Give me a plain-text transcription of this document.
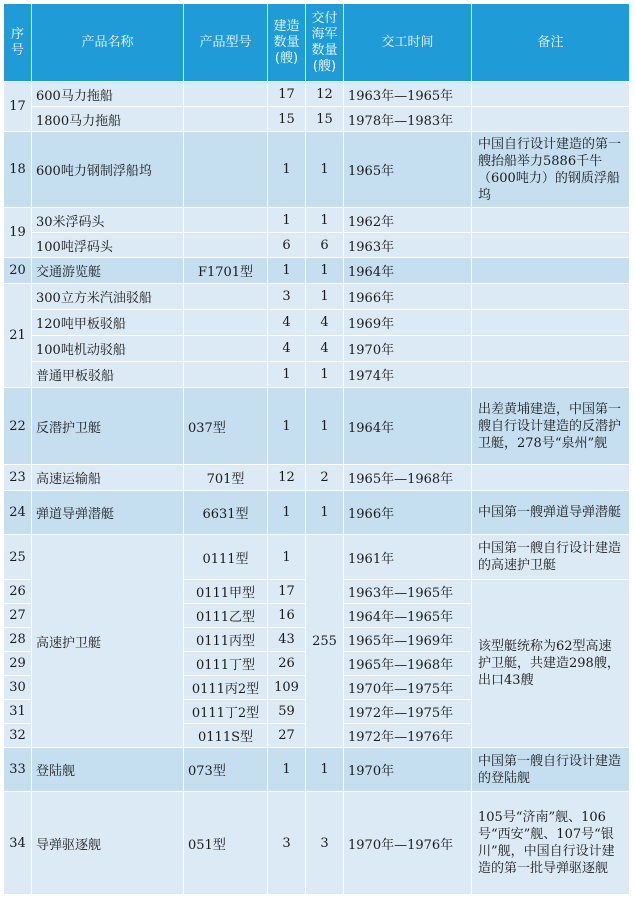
序号	产品名称	产品型号	建造数量(艘)	交付海军数量(艘)	交工时间	备注
17	600马力拖船		17	12	1963年—1965年	
	1800马力拖船		15	15	1978年—1983年	
18	600吨力钢制浮船坞		1	1	1965年	中国自行设计建造的第一艘抬船举力5886千牛（600吨力）的钢质浮船坞
19	30米浮码头		1	1	1962年	
	100吨浮码头		6	6	1963年	
20	交通游览艇	F1701型	1	1	1964年	
21	300立方米汽油驳船		3	1	1966年	
	120吨甲板驳船		4	4	1969年	
	100吨机动驳船		4	4	1970年	
	普通甲板驳船		1	1	1974年	
22	反潜护卫艇	037型	1	1	1964年	出差黄埔建造，中国第一艘自行设计建造的反潜护卫艇，278号“泉州”舰
23	高速运输船	701型	12	2	1965年—1968年	
24	弹道导弹潜艇	6631型	1	1	1966年	中国第一艘弹道导弹潜艇
25	高速护卫艇	0111型	1	255	1961年	中国第一艘自行设计建造的高速护卫艇
26		0111甲型	17		1963年—1965年	该型艇统称为62型高速护卫艇，共建造298艘，出口43艘
27		0111乙型	16		1964年—1965年	
28		0111丙型	43		1965年—1969年	
29		0111丁型	26		1965年—1968年	
30		0111丙2型	109		1970年—1975年	
31		0111丁2型	59		1972年—1975年	
32		0111S型	27		1972年—1976年	
33	登陆舰	073型	1	1	1970年	中国第一艘自行设计建造的登陆舰
34	导弹驱逐舰	051型	3	3	1970年—1976年	105号“济南”舰、106号“西安”舰、107号“银川”舰，中国自行设计建造的第一批导弹驱逐舰
